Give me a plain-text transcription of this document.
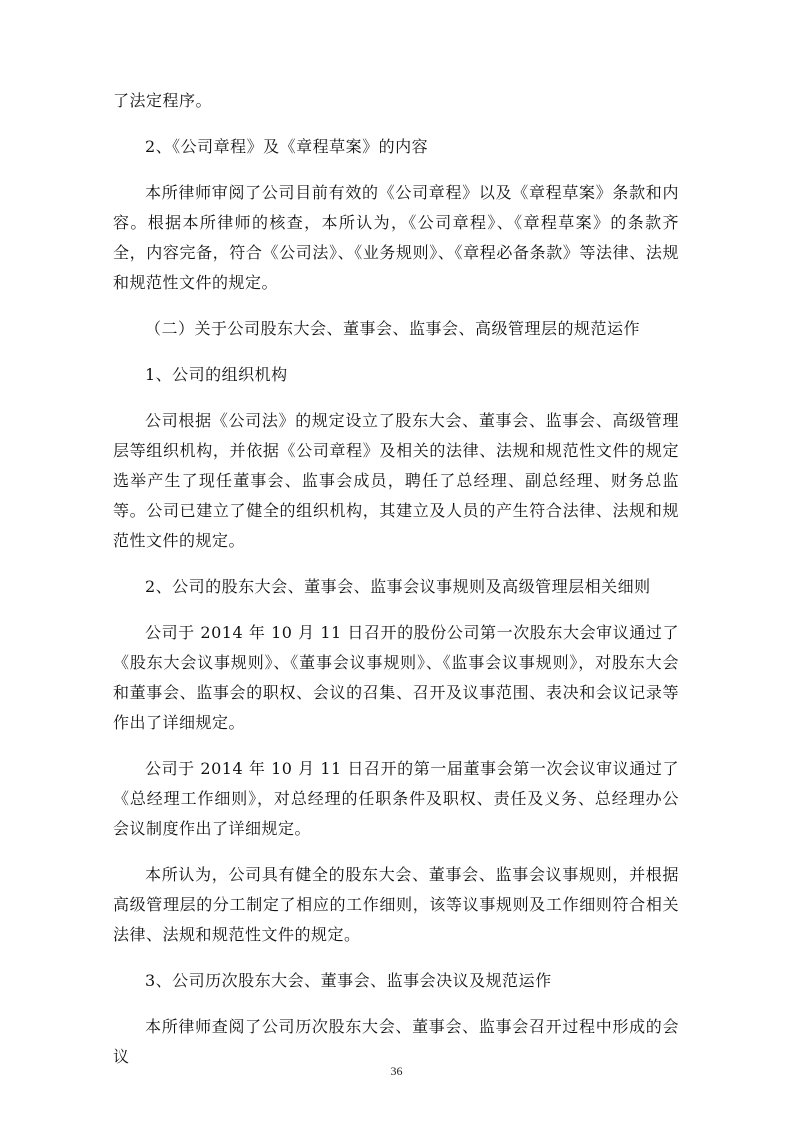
了法定程序。

2、《公司章程》及《章程草案》的内容

本所律师审阅了公司目前有效的《公司章程》以及《章程草案》条款和内容。根据本所律师的核查，本所认为，《公司章程》、《章程草案》的条款齐全，内容完备，符合《公司法》、《业务规则》、《章程必备条款》等法律、法规和规范性文件的规定。

（二）关于公司股东大会、董事会、监事会、高级管理层的规范运作

1、公司的组织机构

公司根据《公司法》的规定设立了股东大会、董事会、监事会、高级管理层等组织机构，并依据《公司章程》及相关的法律、法规和规范性文件的规定选举产生了现任董事会、监事会成员，聘任了总经理、副总经理、财务总监等。公司已建立了健全的组织机构，其建立及人员的产生符合法律、法规和规范性文件的规定。

2、公司的股东大会、董事会、监事会议事规则及高级管理层相关细则

公司于 2014 年 10 月 11 日召开的股份公司第一次股东大会审议通过了《股东大会议事规则》、《董事会议事规则》、《监事会议事规则》，对股东大会和董事会、监事会的职权、会议的召集、召开及议事范围、表决和会议记录等作出了详细规定。

公司于 2014 年 10 月 11 日召开的第一届董事会第一次会议审议通过了《总经理工作细则》，对总经理的任职条件及职权、责任及义务、总经理办公会议制度作出了详细规定。

本所认为，公司具有健全的股东大会、董事会、监事会议事规则，并根据高级管理层的分工制定了相应的工作细则，该等议事规则及工作细则符合相关法律、法规和规范性文件的规定。

3、公司历次股东大会、董事会、监事会决议及规范运作

本所律师查阅了公司历次股东大会、董事会、监事会召开过程中形成的会议

36
